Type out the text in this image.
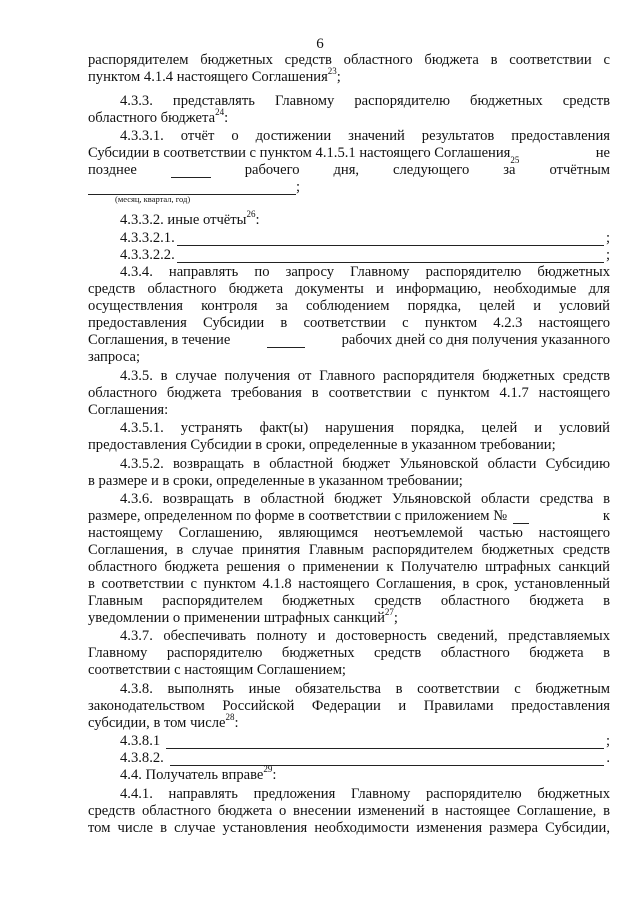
6
распорядителем бюджетных средств областного бюджета в соответствии с
пунктом 4.1.4 настоящего Соглашения$^{23}$;
4.3.3. представлять Главному распорядителю бюджетных средств
областного бюджета$^{24}$:
4.3.3.1. отчёт о достижении значений результатов предоставления
Субсидии в соответствии с пунктом 4.1.5.1 настоящего Соглашения$^{25}$	не
позднее	рабочего дня, следующего за отчётным
;
(месяц, квартал, год)
4.3.3.2. иные отчёты$^{26}$:
4.3.3.2.1.	;
4.3.3.2.2.	;
4.3.4. направлять по запросу Главному распорядителю бюджетных
средств областного бюджета документы и информацию, необходимые для
осуществления контроля за соблюдением порядка, целей и условий
предоставления Субсидии в соответствии с пунктом 4.2.3 настоящего
Соглашения, в течение	рабочих дней со дня получения указанного
запроса;
4.3.5. в случае получения от Главного распорядителя бюджетных средств
областного бюджета требования в соответствии с пунктом 4.1.7 настоящего
Соглашения:
4.3.5.1. устранять факт(ы) нарушения порядка, целей и условий
предоставления Субсидии в сроки, определенные в указанном требовании;
4.3.5.2. возвращать в областной бюджет Ульяновской области Субсидию
в размере и в сроки, определенные в указанном требовании;
4.3.6. возвращать в областной бюджет Ульяновской области средства в
размере, определенном по форме в соответствии с приложением №	к
настоящему Соглашению, являющимся неотъемлемой частью настоящего
Соглашения, в случае принятия Главным распорядителем бюджетных средств
областного бюджета решения о применении к Получателю штрафных санкций
в соответствии с пунктом 4.1.8 настоящего Соглашения, в срок, установленный
Главным распорядителем бюджетных средств областного бюджета в
уведомлении о применении штрафных санкций$^{27}$;
4.3.7. обеспечивать полноту и достоверность сведений, представляемых
Главному распорядителю бюджетных средств областного бюджета в
соответствии с настоящим Соглашением;
4.3.8. выполнять иные обязательства в соответствии с бюджетным
законодательством Российской Федерации и Правилами предоставления
субсидии, в том числе$^{28}$:
4.3.8.1	;
4.3.8.2.	.
4.4. Получатель вправе$^{29}$:
4.4.1. направлять предложения Главному распорядителю бюджетных
средств областного бюджета о внесении изменений в настоящее Соглашение, в
том числе в случае установления необходимости изменения размера Субсидии,
